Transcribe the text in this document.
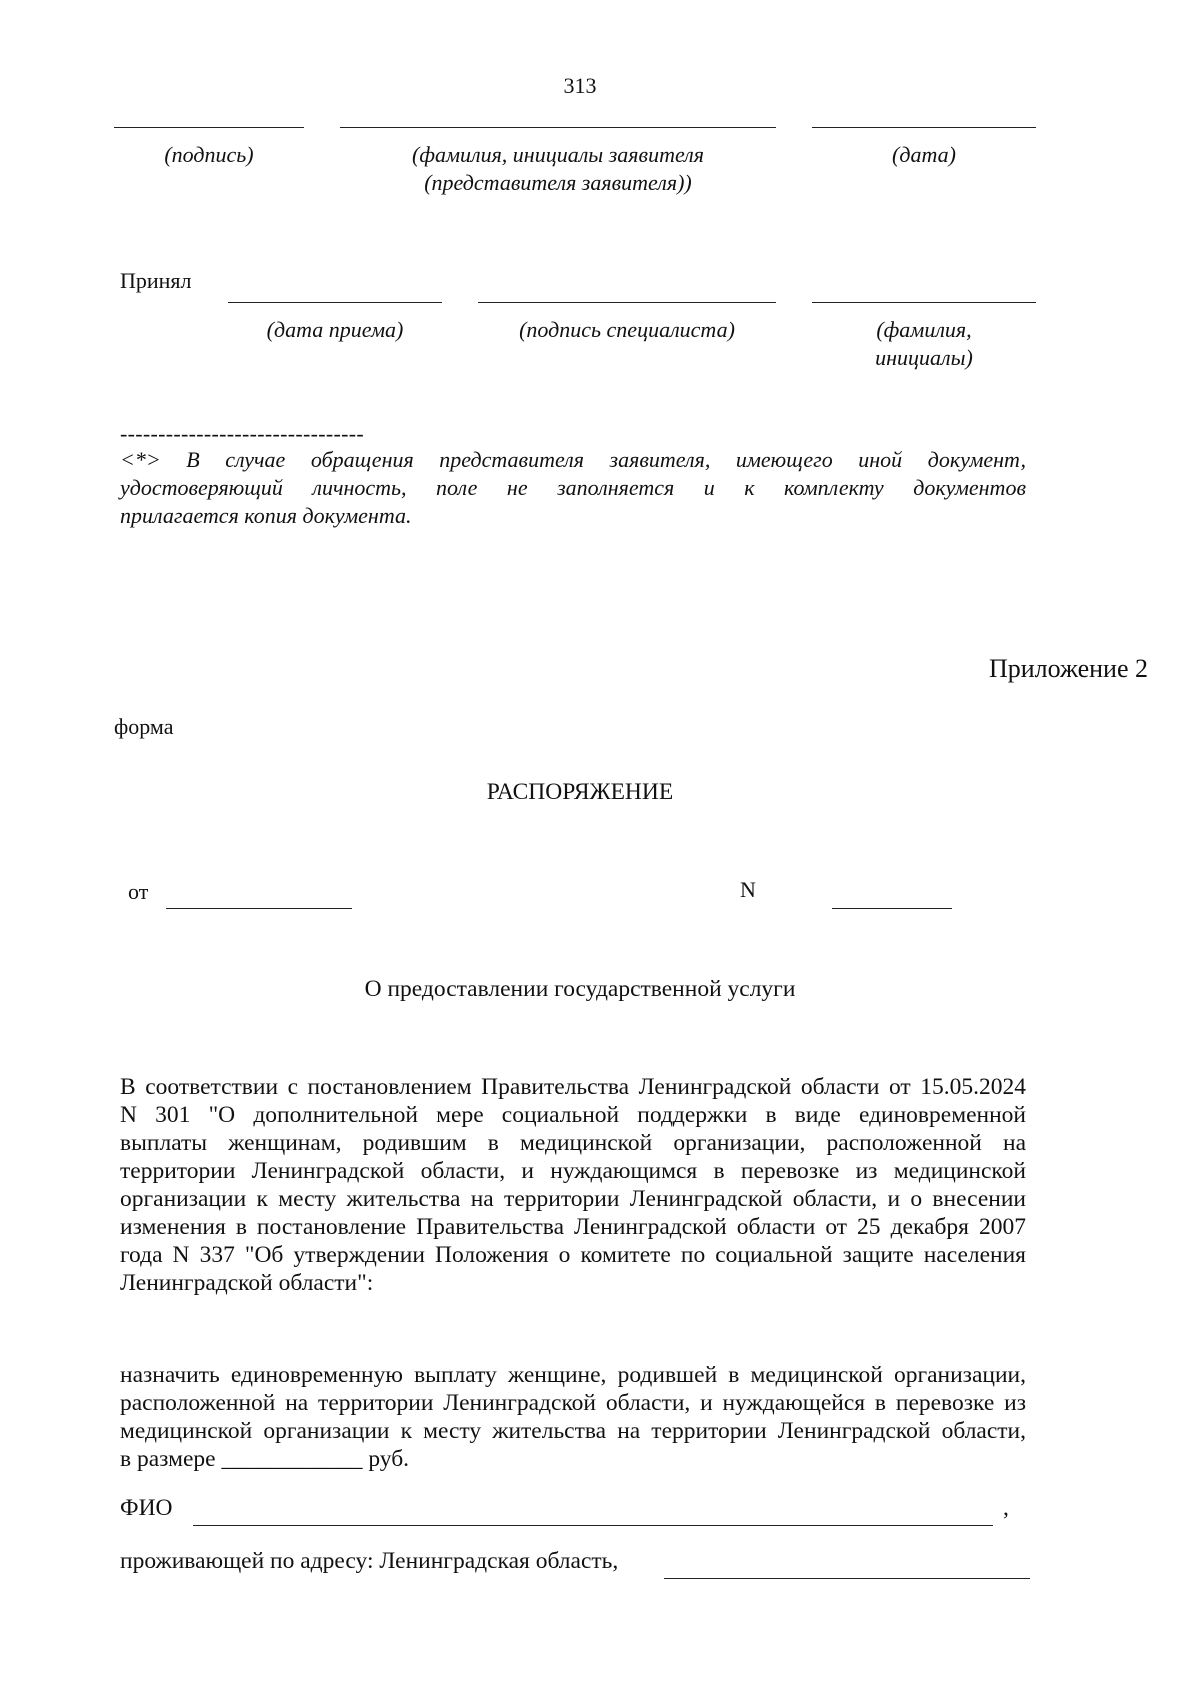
313
(подпись)	(фамилия, инициалы заявителя
(представителя заявителя))
(дата)
Принял
(дата приема)	(подпись специалиста)	(фамилия,
инициалы)
--------------------------------
<*> В случае обращения представителя заявителя, имеющего иной документ,
удостоверяющий личность, поле не заполняется и к комплекту документов
прилагается копия документа.
Приложение 2
форма
РАСПОРЯЖЕНИЕ
от	N
О предоставлении государственной услуги
В соответствии с постановлением Правительства Ленинградской области от 15.05.2024
N 301 "О дополнительной мере социальной поддержки в виде единовременной
выплаты женщинам, родившим в медицинской организации, расположенной на
территории Ленинградской области, и нуждающимся в перевозке из медицинской
организации к месту жительства на территории Ленинградской области, и о внесении
изменения в постановление Правительства Ленинградской области от 25 декабря 2007
года N 337 "Об утверждении Положения о комитете по социальной защите населения
Ленинградской области":
назначить единовременную выплату женщине, родившей в медицинской организации,
расположенной на территории Ленинградской области, и нуждающейся в перевозке из
медицинской организации к месту жительства на территории Ленинградской области,
в размере ____________ руб.
ФИО	,
проживающей по адресу: Ленинградская область,
